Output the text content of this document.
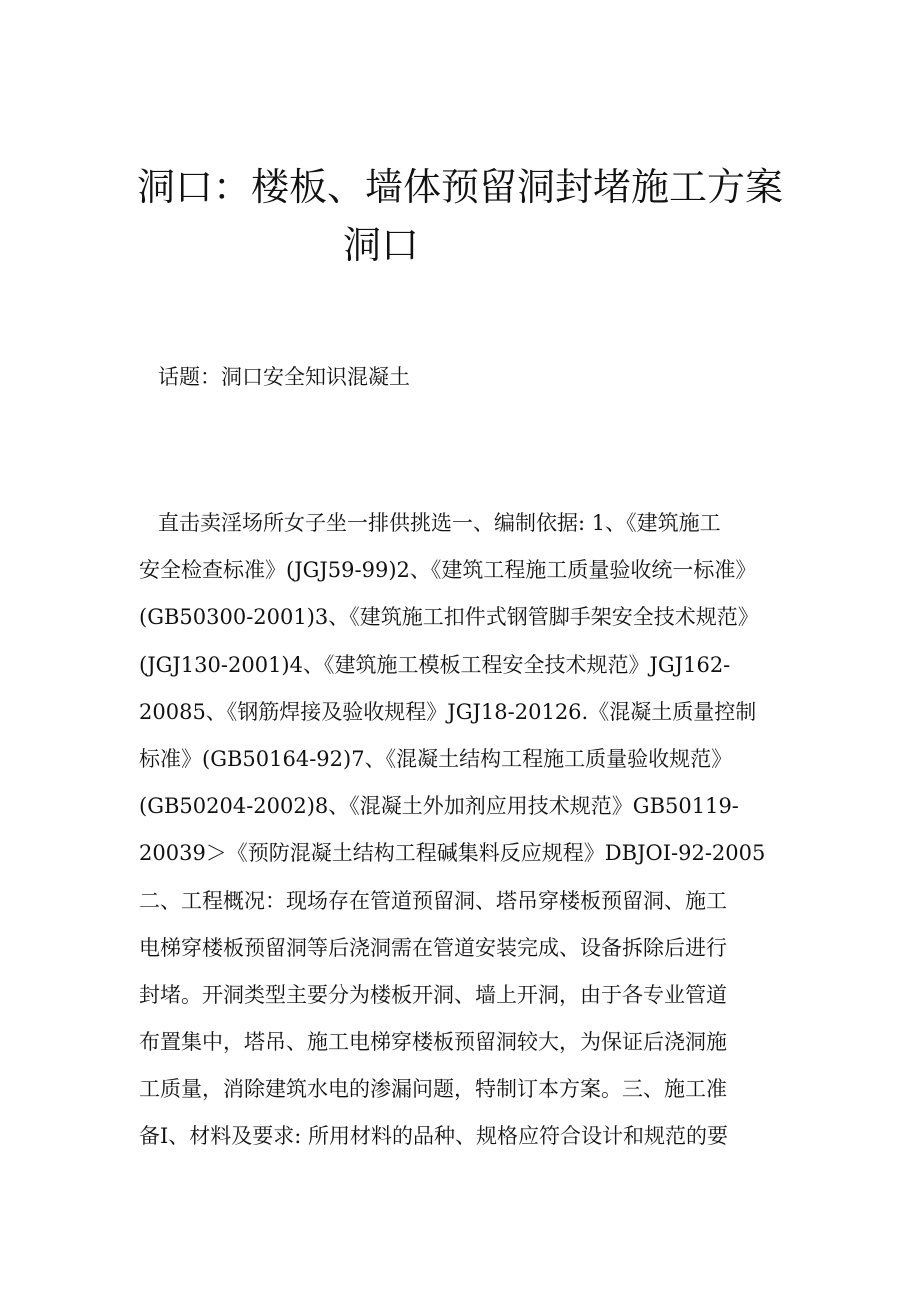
洞口：楼板、墙体预留洞封堵施工方案
洞口
话题：洞口安全知识混凝土
直击卖淫场所女子坐一排供挑选一、编制依据: 1、《建筑施工
安全检查标准》(JGJ59-99)2、《建筑工程施工质量验收统一标准》
(GB50300-2001)3、《建筑施工扣件式钢管脚手架安全技术规范》
(JGJ130-2001)4、《建筑施工模板工程安全技术规范》JGJ162-
20085、《钢筋焊接及验收规程》JGJ18-20126.《混凝土质量控制
标准》(GB50164-92)7、《混凝土结构工程施工质量验收规范》
(GB50204-2002)8、《混凝土外加剂应用技术规范》GB50119-
20039＞《预防混凝土结构工程碱集料反应规程》DBJOI-92-2005
二、工程概况：现场存在管道预留洞、塔吊穿楼板预留洞、施工
电梯穿楼板预留洞等后浇洞需在管道安装完成、设备拆除后进行
封堵。开洞类型主要分为楼板开洞、墙上开洞，由于各专业管道
布置集中，塔吊、施工电梯穿楼板预留洞较大，为保证后浇洞施
工质量，消除建筑水电的渗漏问题，特制订本方案。三、施工准
备I、材料及要求: 所用材料的品种、规格应符合设计和规范的要
